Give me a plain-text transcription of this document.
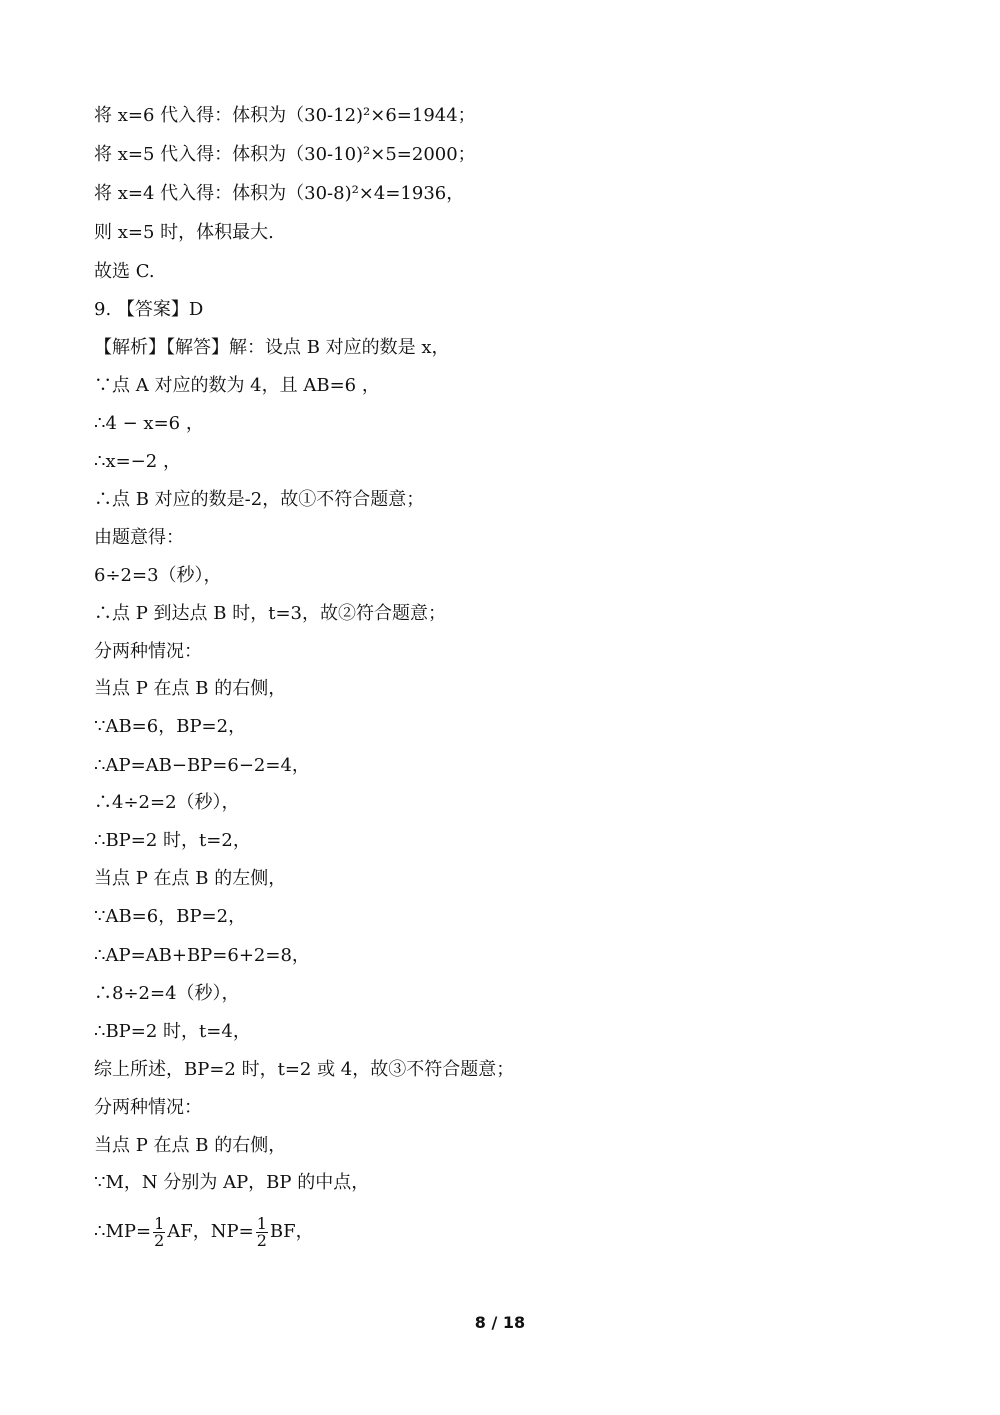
将 x=6 代入得：体积为（30-12)²×6=1944；
将 x=5 代入得：体积为（30-10)²×5=2000；
将 x=4 代入得：体积为（30-8)²×4=1936，
则 x=5 时，体积最大.
故选 C.
9. 【答案】D
【解析】【解答】解：设点 B 对应的数是 x，
∵点 A 对应的数为 4，且 AB=6 ，
∴4 − x=6 ，
∴x=−2 ，
∴点 B 对应的数是-2，故①不符合题意；
由题意得：
6÷2=3（秒），
∴点 P 到达点 B 时，t=3，故②符合题意；
分两种情况：
当点 P 在点 B 的右侧，
∵AB=6，BP=2，
∴AP=AB−BP=6−2=4，
∴4÷2=2（秒），
∴BP=2 时，t=2，
当点 P 在点 B 的左侧，
∵AB=6，BP=2，
∴AP=AB+BP=6+2=8，
∴8÷2=4（秒），
∴BP=2 时，t=4，
综上所述，BP=2 时，t=2 或 4，故③不符合题意；
分两种情况：
当点 P 在点 B 的右侧，
∵M，N 分别为 AP，BP 的中点，
∴MP= $\frac{1}{2}$ AF，$NP= \frac{1}{2}$ BF，
8 / 18
